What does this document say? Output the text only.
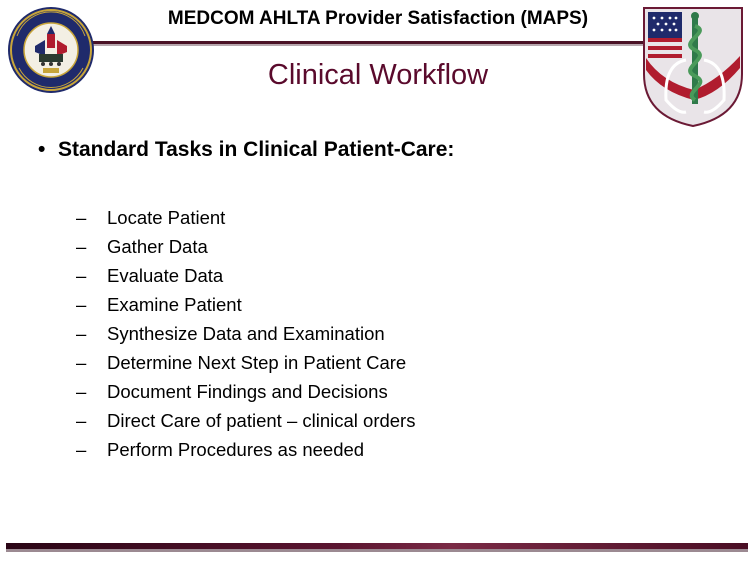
MEDCOM AHLTA Provider Satisfaction (MAPS)
Clinical Workflow
• Standard Tasks in Clinical Patient-Care:
– Locate Patient
– Gather Data
– Evaluate Data
– Examine Patient
– Synthesize Data and Examination
– Determine Next Step in Patient Care
– Document Findings and Decisions
– Direct Care of patient – clinical orders
– Perform Procedures as needed
